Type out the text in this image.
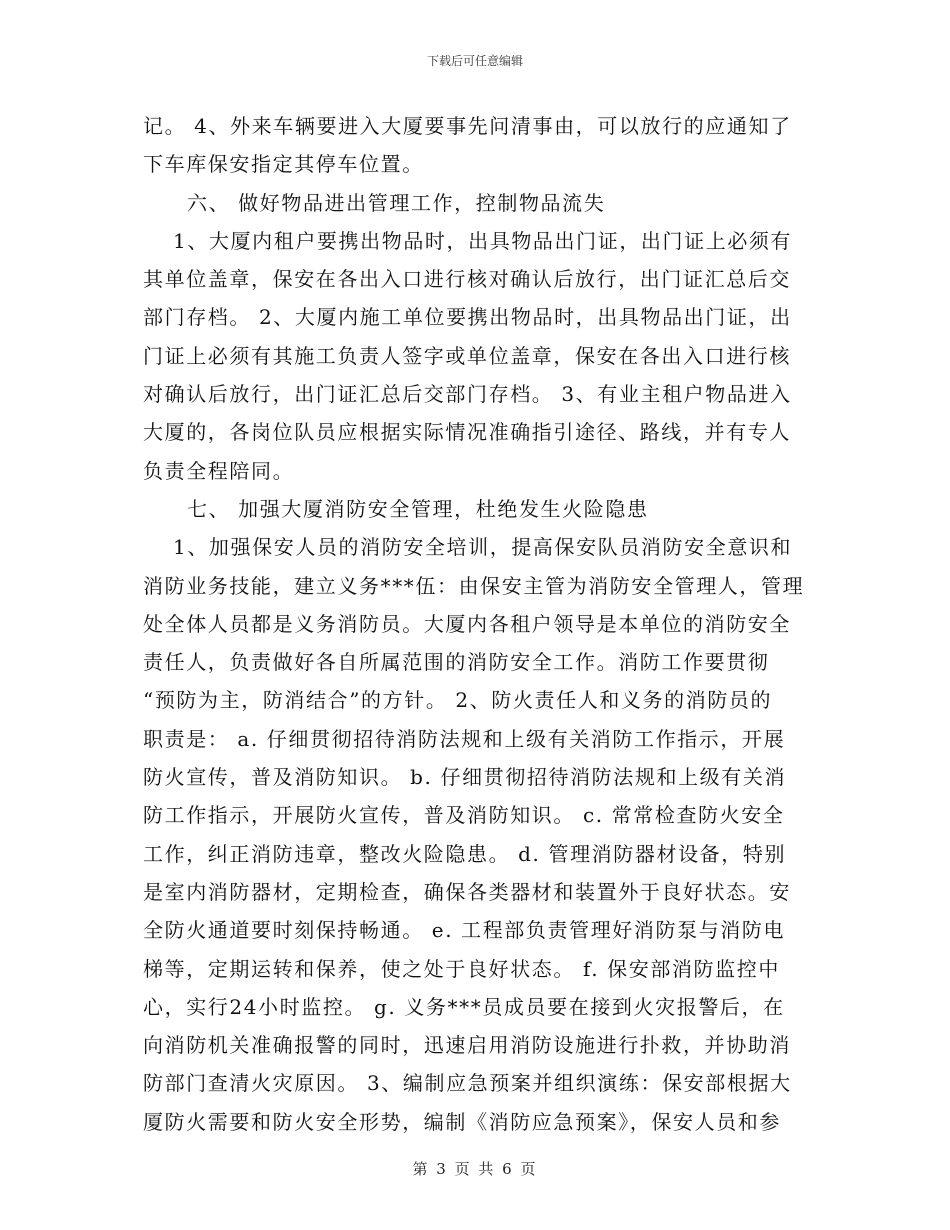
下载后可任意编辑
记。 4、外来车辆要进入大厦要事先问清事由，可以放行的应通知了
下车库保安指定其停车位置。
六、 做好物品进出管理工作，控制物品流失
1、大厦内租户要携出物品时，出具物品出门证，出门证上必须有
其单位盖章，保安在各出入口进行核对确认后放行，出门证汇总后交
部门存档。 2、大厦内施工单位要携出物品时，出具物品出门证，出
门证上必须有其施工负责人签字或单位盖章，保安在各出入口进行核
对确认后放行，出门证汇总后交部门存档。 3、有业主租户物品进入
大厦的，各岗位队员应根据实际情况准确指引途径、路线，并有专人
负责全程陪同。
七、 加强大厦消防安全管理，杜绝发生火险隐患
1、加强保安人员的消防安全培训，提高保安队员消防安全意识和
消防业务技能，建立义务***伍：由保安主管为消防安全管理人，管理
处全体人员都是义务消防员。大厦内各租户领导是本单位的消防安全
责任人，负责做好各自所属范围的消防安全工作。消防工作要贯彻
“预防为主，防消结合”的方针。 2、防火责任人和义务的消防员的
职责是： a. 仔细贯彻招待消防法规和上级有关消防工作指示，开展
防火宣传，普及消防知识。 b. 仔细贯彻招待消防法规和上级有关消
防工作指示，开展防火宣传，普及消防知识。 c. 常常检查防火安全
工作，纠正消防违章，整改火险隐患。 d. 管理消防器材设备，特别
是室内消防器材，定期检查，确保各类器材和装置外于良好状态。安
全防火通道要时刻保持畅通。 e. 工程部负责管理好消防泵与消防电
梯等，定期运转和保养，使之处于良好状态。 f. 保安部消防监控中
心，实行24小时监控。 g. 义务***员成员要在接到火灾报警后，在
向消防机关准确报警的同时，迅速启用消防设施进行扑救，并协助消
防部门查清火灾原因。 3、编制应急预案并组织演练：保安部根据大
厦防火需要和防火安全形势，编制《消防应急预案》，保安人员和参
第 3 页 共 6 页
